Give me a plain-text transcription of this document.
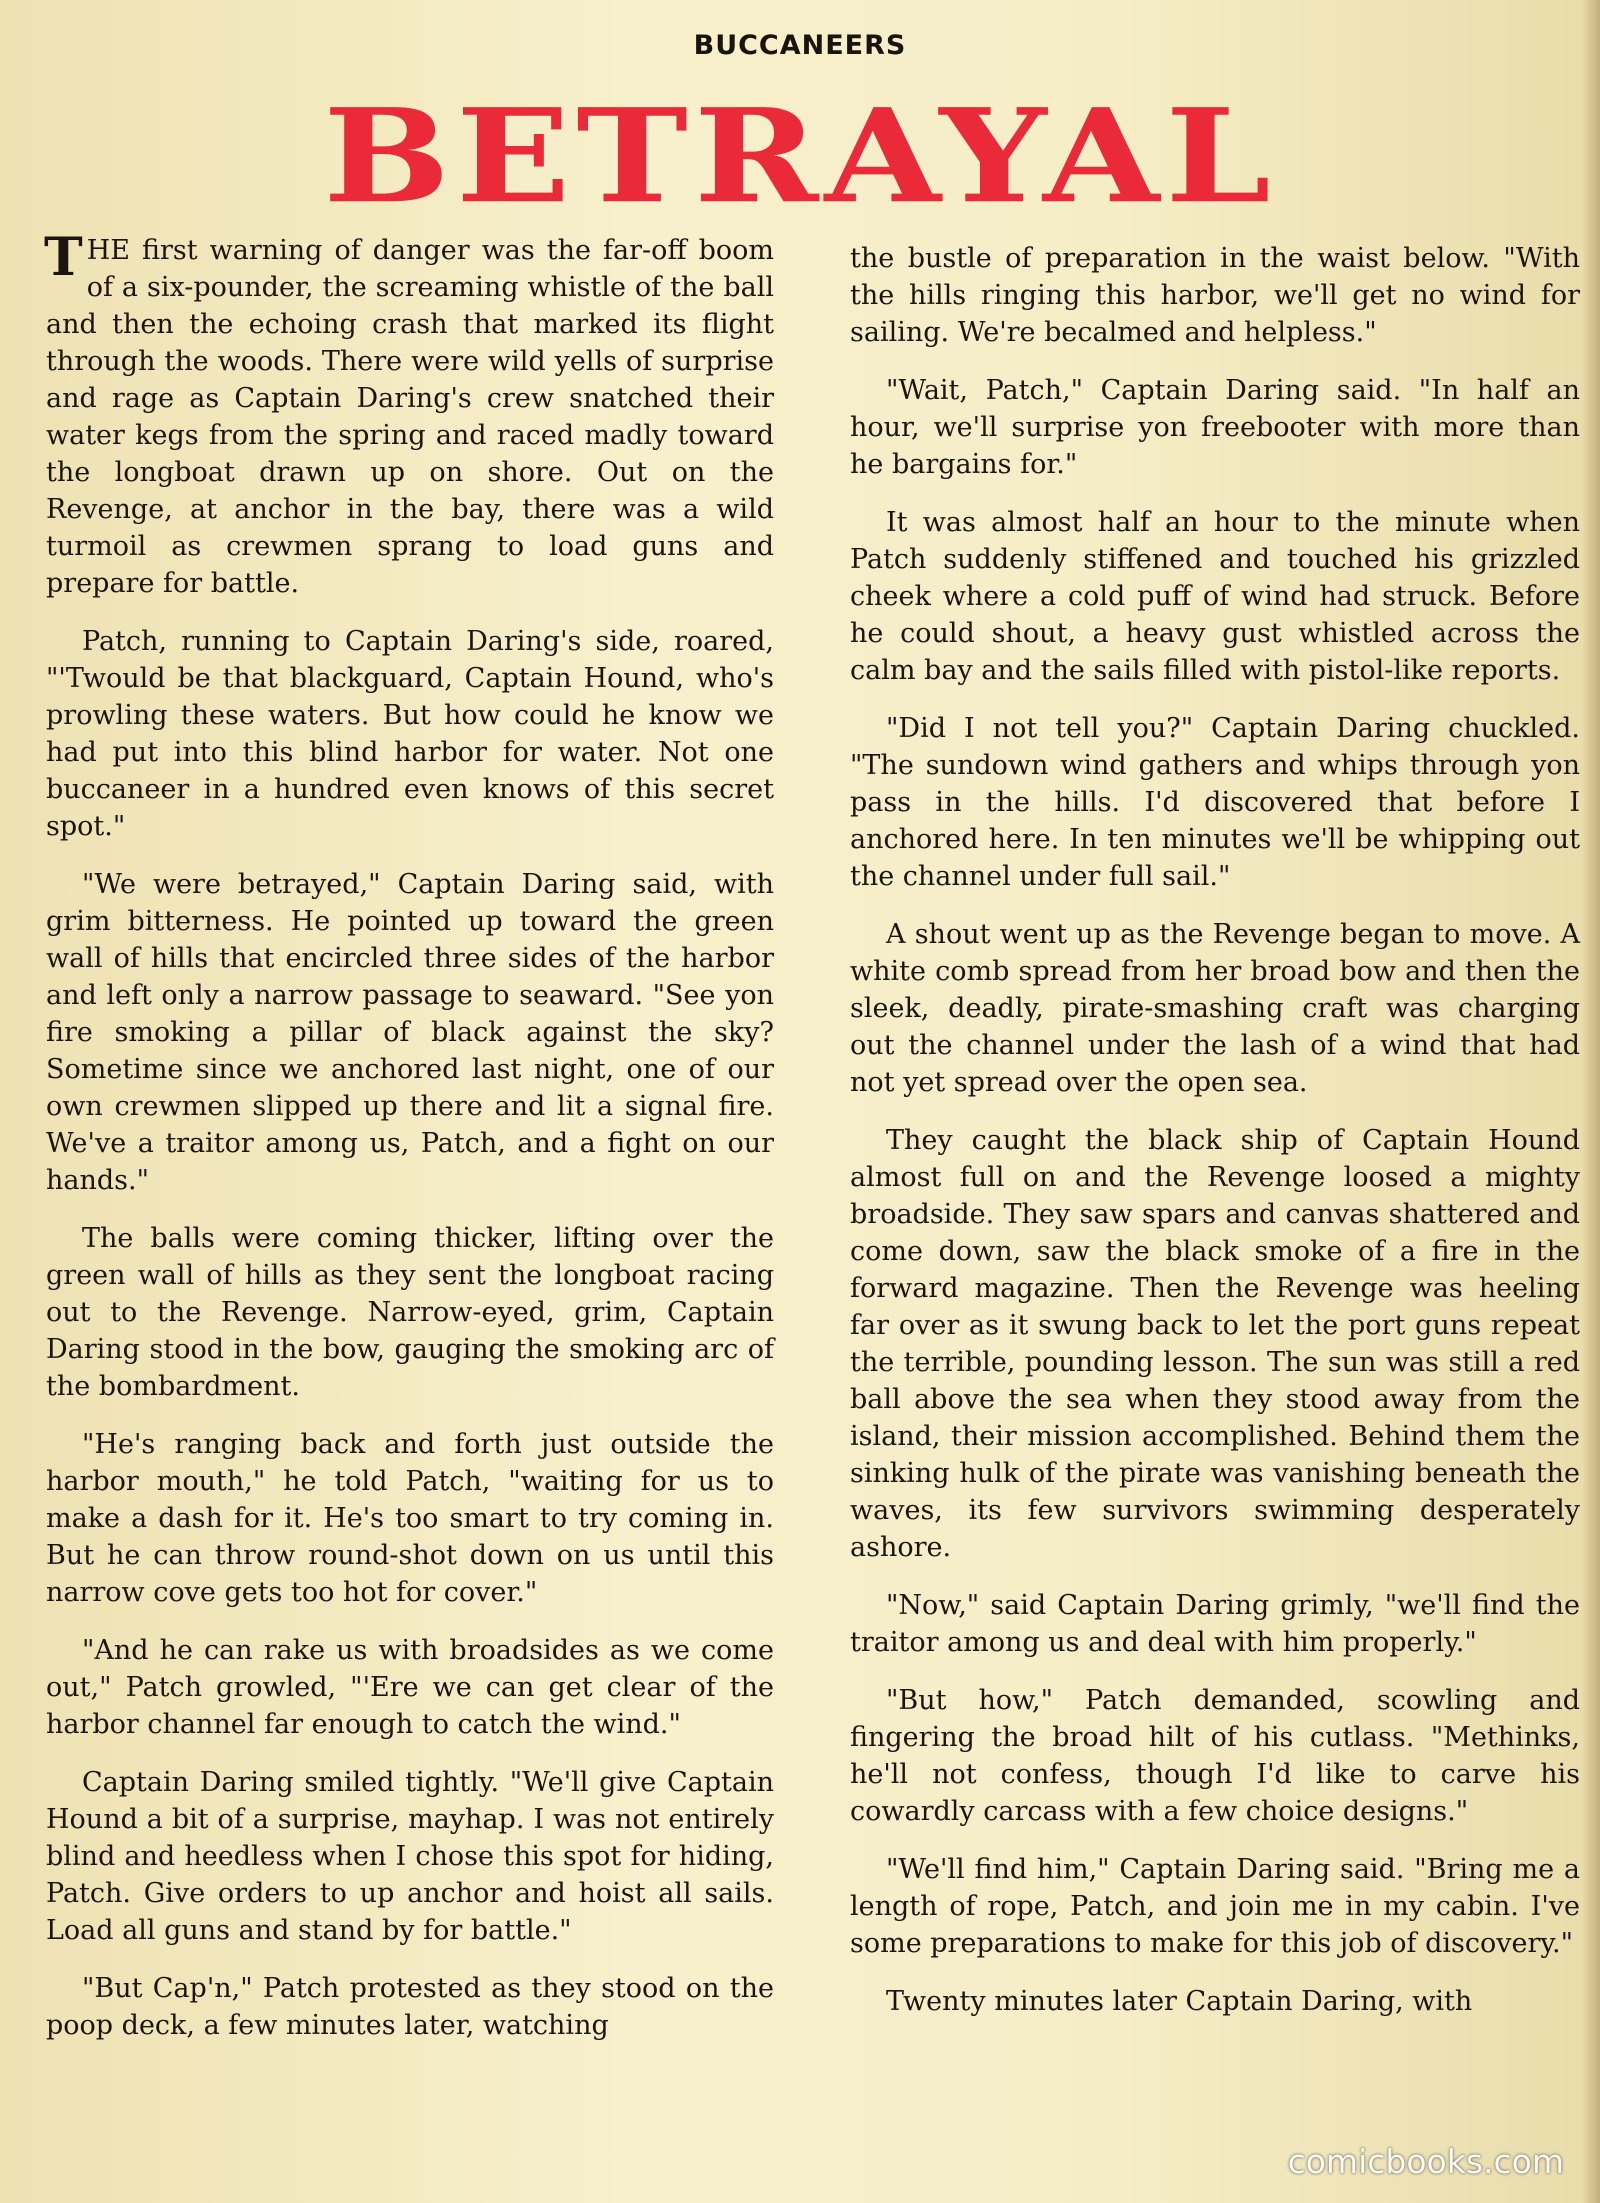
BUCCANEERS
BETRAYAL

THE first warning of danger was the far-off boom of a six-pounder, the screaming whistle of the ball and then the echoing crash that marked its flight through the woods. There were wild yells of surprise and rage as Captain Daring's crew snatched their water kegs from the spring and raced madly toward the longboat drawn up on shore. Out on the Revenge, at anchor in the bay, there was a wild turmoil as crewmen sprang to load guns and prepare for battle.

Patch, running to Captain Daring's side, roared, "'Twould be that blackguard, Captain Hound, who's prowling these waters. But how could he know we had put into this blind harbor for water. Not one buccaneer in a hundred even knows of this secret spot."

"We were betrayed," Captain Daring said, with grim bitterness. He pointed up toward the green wall of hills that encircled three sides of the harbor and left only a narrow passage to seaward. "See yon fire smoking a pillar of black against the sky? Sometime since we anchored last night, one of our own crewmen slipped up there and lit a signal fire. We've a traitor among us, Patch, and a fight on our hands."

The balls were coming thicker, lifting over the green wall of hills as they sent the longboat racing out to the Revenge. Narrow-eyed, grim, Captain Daring stood in the bow, gauging the smoking arc of the bombardment.

"He's ranging back and forth just outside the harbor mouth," he told Patch, "waiting for us to make a dash for it. He's too smart to try coming in. But he can throw round-shot down on us until this narrow cove gets too hot for cover."

"And he can rake us with broadsides as we come out," Patch growled, "'Ere we can get clear of the harbor channel far enough to catch the wind."

Captain Daring smiled tightly. "We'll give Captain Hound a bit of a surprise, mayhap. I was not entirely blind and heedless when I chose this spot for hiding, Patch. Give orders to up anchor and hoist all sails. Load all guns and stand by for battle."

"But Cap'n," Patch protested as they stood on the poop deck, a few minutes later, watching

the bustle of preparation in the waist below. "With the hills ringing this harbor, we'll get no wind for sailing. We're becalmed and helpless."

"Wait, Patch," Captain Daring said. "In half an hour, we'll surprise yon freebooter with more than he bargains for."

It was almost half an hour to the minute when Patch suddenly stiffened and touched his grizzled cheek where a cold puff of wind had struck. Before he could shout, a heavy gust whistled across the calm bay and the sails filled with pistol-like reports.

"Did I not tell you?" Captain Daring chuckled. "The sundown wind gathers and whips through yon pass in the hills. I'd discovered that before I anchored here. In ten minutes we'll be whipping out the channel under full sail."

A shout went up as the Revenge began to move. A white comb spread from her broad bow and then the sleek, deadly, pirate-smashing craft was charging out the channel under the lash of a wind that had not yet spread over the open sea.

They caught the black ship of Captain Hound almost full on and the Revenge loosed a mighty broadside. They saw spars and canvas shattered and come down, saw the black smoke of a fire in the forward magazine. Then the Revenge was heeling far over as it swung back to let the port guns repeat the terrible, pounding lesson. The sun was still a red ball above the sea when they stood away from the island, their mission accomplished. Behind them the sinking hulk of the pirate was vanishing beneath the waves, its few survivors swimming desperately ashore.

"Now," said Captain Daring grimly, "we'll find the traitor among us and deal with him properly."

"But how," Patch demanded, scowling and fingering the broad hilt of his cutlass. "Methinks, he'll not confess, though I'd like to carve his cowardly carcass with a few choice designs."

"We'll find him," Captain Daring said. "Bring me a length of rope, Patch, and join me in my cabin. I've some preparations to make for this job of discovery."

Twenty minutes later Captain Daring, with

comicbooks.com
